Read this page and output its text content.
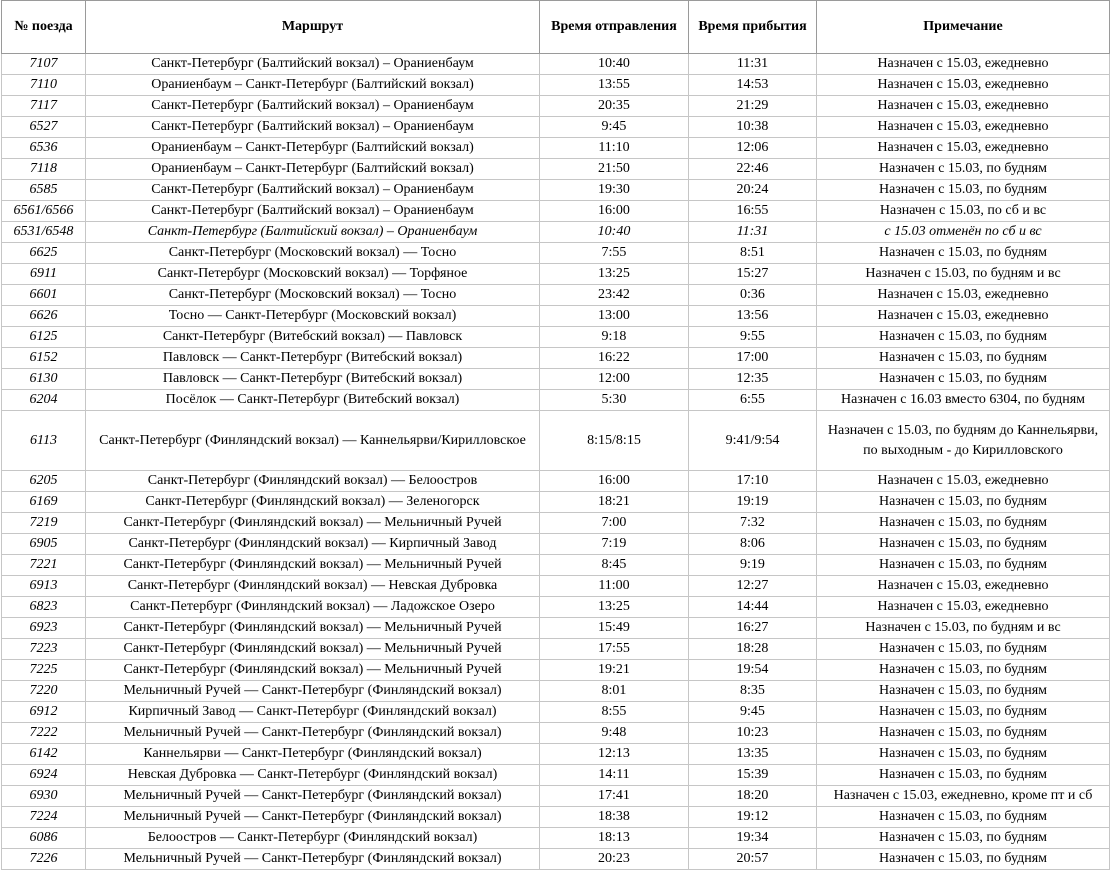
№ поезда	Маршрут	Время отправления	Время прибытия	Примечание
7107	Санкт-Петербург (Балтийский вокзал) – Ораниенбаум	10:40	11:31	Назначен с 15.03, ежедневно
7110	Ораниенбаум – Санкт-Петербург (Балтийский вокзал)	13:55	14:53	Назначен с 15.03, ежедневно
7117	Санкт-Петербург (Балтийский вокзал) – Ораниенбаум	20:35	21:29	Назначен с 15.03, ежедневно
6527	Санкт-Петербург (Балтийский вокзал) – Ораниенбаум	9:45	10:38	Назначен с 15.03, ежедневно
6536	Ораниенбаум – Санкт-Петербург (Балтийский вокзал)	11:10	12:06	Назначен с 15.03, ежедневно
7118	Ораниенбаум – Санкт-Петербург (Балтийский вокзал)	21:50	22:46	Назначен с 15.03, по будням
6585	Санкт-Петербург (Балтийский вокзал) – Ораниенбаум	19:30	20:24	Назначен с 15.03, по будням
6561/6566	Санкт-Петербург (Балтийский вокзал) – Ораниенбаум	16:00	16:55	Назначен с 15.03, по сб и вс
6531/6548	Санкт-Петербург (Балтийский вокзал) – Ораниенбаум	10:40	11:31	с 15.03 отменён по сб и вс
6625	Санкт-Петербург (Московский вокзал) — Тосно	7:55	8:51	Назначен с 15.03, по будням
6911	Санкт-Петербург (Московский вокзал) — Торфяное	13:25	15:27	Назначен с 15.03, по будням и вс
6601	Санкт-Петербург (Московский вокзал) — Тосно	23:42	0:36	Назначен с 15.03, ежедневно
6626	Тосно — Санкт-Петербург (Московский вокзал)	13:00	13:56	Назначен с 15.03, ежедневно
6125	Санкт-Петербург (Витебский вокзал) — Павловск	9:18	9:55	Назначен с 15.03, по будням
6152	Павловск — Санкт-Петербург (Витебский вокзал)	16:22	17:00	Назначен с 15.03, по будням
6130	Павловск — Санкт-Петербург (Витебский вокзал)	12:00	12:35	Назначен с 15.03, по будням
6204	Посёлок — Санкт-Петербург (Витебский вокзал)	5:30	6:55	Назначен с 16.03 вместо 6304, по будням
6113	Санкт-Петербург (Финляндский вокзал) — Каннельярви/Кирилловское	8:15/8:15	9:41/9:54	Назначен с 15.03, по будням до Каннельярви, по выходным - до Кирилловского
6205	Санкт-Петербург (Финляндский вокзал) — Белоостров	16:00	17:10	Назначен с 15.03, ежедневно
6169	Санкт-Петербург (Финляндский вокзал) — Зеленогорск	18:21	19:19	Назначен с 15.03, по будням
7219	Санкт-Петербург (Финляндский вокзал) — Мельничный Ручей	7:00	7:32	Назначен с 15.03, по будням
6905	Санкт-Петербург (Финляндский вокзал) — Кирпичный Завод	7:19	8:06	Назначен с 15.03, по будням
7221	Санкт-Петербург (Финляндский вокзал) — Мельничный Ручей	8:45	9:19	Назначен с 15.03, по будням
6913	Санкт-Петербург (Финляндский вокзал) — Невская Дубровка	11:00	12:27	Назначен с 15.03, ежедневно
6823	Санкт-Петербург (Финляндский вокзал) — Ладожское Озеро	13:25	14:44	Назначен с 15.03, ежедневно
6923	Санкт-Петербург (Финляндский вокзал) — Мельничный Ручей	15:49	16:27	Назначен с 15.03, по будням и вс
7223	Санкт-Петербург (Финляндский вокзал) — Мельничный Ручей	17:55	18:28	Назначен с 15.03, по будням
7225	Санкт-Петербург (Финляндский вокзал) — Мельничный Ручей	19:21	19:54	Назначен с 15.03, по будням
7220	Мельничный Ручей — Санкт-Петербург (Финляндский вокзал)	8:01	8:35	Назначен с 15.03, по будням
6912	Кирпичный Завод — Санкт-Петербург (Финляндский вокзал)	8:55	9:45	Назначен с 15.03, по будням
7222	Мельничный Ручей — Санкт-Петербург (Финляндский вокзал)	9:48	10:23	Назначен с 15.03, по будням
6142	Каннельярви — Санкт-Петербург (Финляндский вокзал)	12:13	13:35	Назначен с 15.03, по будням
6924	Невская Дубровка — Санкт-Петербург (Финляндский вокзал)	14:11	15:39	Назначен с 15.03, по будням
6930	Мельничный Ручей — Санкт-Петербург (Финляндский вокзал)	17:41	18:20	Назначен с 15.03, ежедневно, кроме пт и сб
7224	Мельничный Ручей — Санкт-Петербург (Финляндский вокзал)	18:38	19:12	Назначен с 15.03, по будням
6086	Белоостров — Санкт-Петербург (Финляндский вокзал)	18:13	19:34	Назначен с 15.03, по будням
7226	Мельничный Ручей — Санкт-Петербург (Финляндский вокзал)	20:23	20:57	Назначен с 15.03, по будням
